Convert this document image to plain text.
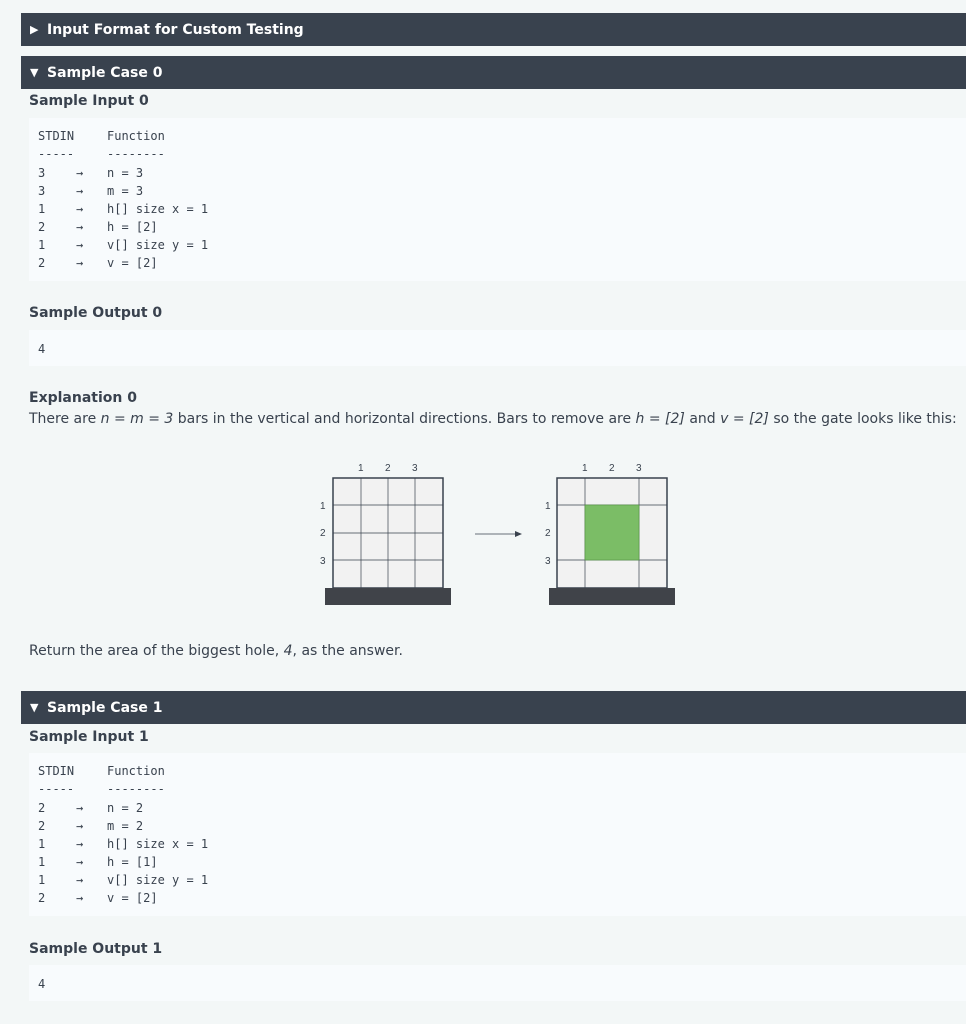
▶ Input Format for Custom Testing
▼ Sample Case 0
Sample Input 0
STDIN	Function
-----	--------
3	→ n = 3
3	→ m = 3
1	→ h[] size x = 1
2	→ h = [2]
1	→ v[] size y = 1
2	→ v = [2]
Sample Output 0
4
Explanation 0
There are n = m = 3 bars in the vertical and horizontal directions. Bars to remove are h = [2] and v = [2] so the gate looks like this:
1 2 3
1
2
3
1 2 3
1
2
3
Return the area of the biggest hole, 4, as the answer.
▼ Sample Case 1
Sample Input 1
STDIN	Function
-----	--------
2	→ n = 2
2	→ m = 2
1	→ h[] size x = 1
1	→ h = [1]
1	→ v[] size y = 1
2	→ v = [2]
Sample Output 1
4
